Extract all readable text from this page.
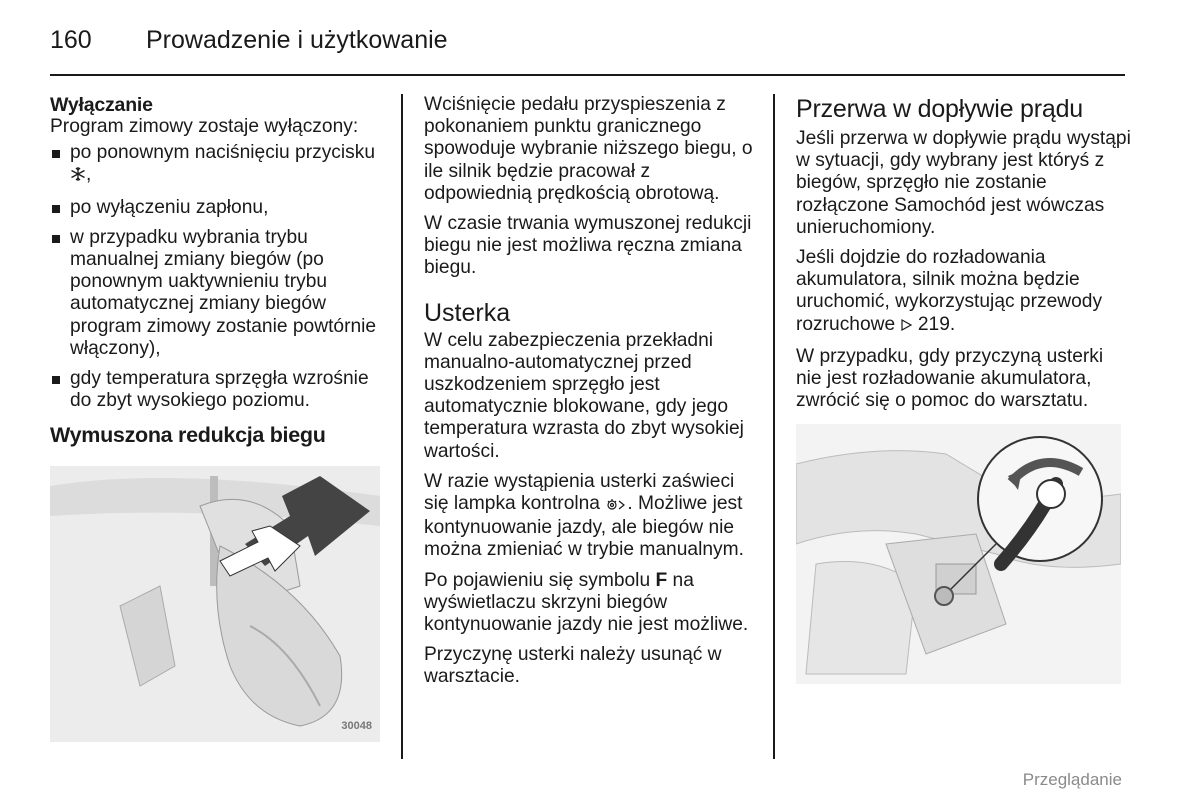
160	Prowadzenie i użytkowanie
Wyłączanie
Program zimowy zostaje wyłączony:
po ponownym naciśnięciu przycisku ,
po wyłączeniu zapłonu,
w przypadku wybrania trybu manualnej zmiany biegów (po ponownym uaktywnieniu trybu automatycznej zmiany biegów program zimowy zostanie powtórnie włączony),
gdy temperatura sprzęgła wzrośnie do zbyt wysokiego poziomu.
Wymuszona redukcja biegu
30048
Wciśnięcie pedału przyspieszenia z pokonaniem punktu granicznego spowoduje wybranie niższego biegu, o ile silnik będzie pracował z odpowiednią prędkością obrotową.
W czasie trwania wymuszonej redukcji biegu nie jest możliwa ręczna zmiana biegu.
Usterka
W celu zabezpieczenia przekładni manualno-automatycznej przed uszkodzeniem sprzęgło jest automatycznie blokowane, gdy jego temperatura wzrasta do zbyt wysokiej wartości.
W razie wystąpienia usterki zaświeci się lampka kontrolna . Możliwe jest kontynuowanie jazdy, ale biegów nie można zmieniać w trybie manualnym.
Po pojawieniu się symbolu F na wyświetlaczu skrzyni biegów kontynuowanie jazdy nie jest możliwe.
Przyczynę usterki należy usunąć w warsztacie.
Przerwa w dopływie prądu
Jeśli przerwa w dopływie prądu wystąpi w sytuacji, gdy wybrany jest któryś z biegów, sprzęgło nie zostanie rozłączone Samochód jest wówczas unieruchomiony.
Jeśli dojdzie do rozładowania akumulatora, silnik można będzie uruchomić, wykorzystując przewody rozruchowe 219.
W przypadku, gdy przyczyną usterki nie jest rozładowanie akumulatora, zwrócić się o pomoc do warsztatu.
Przeglądanie
